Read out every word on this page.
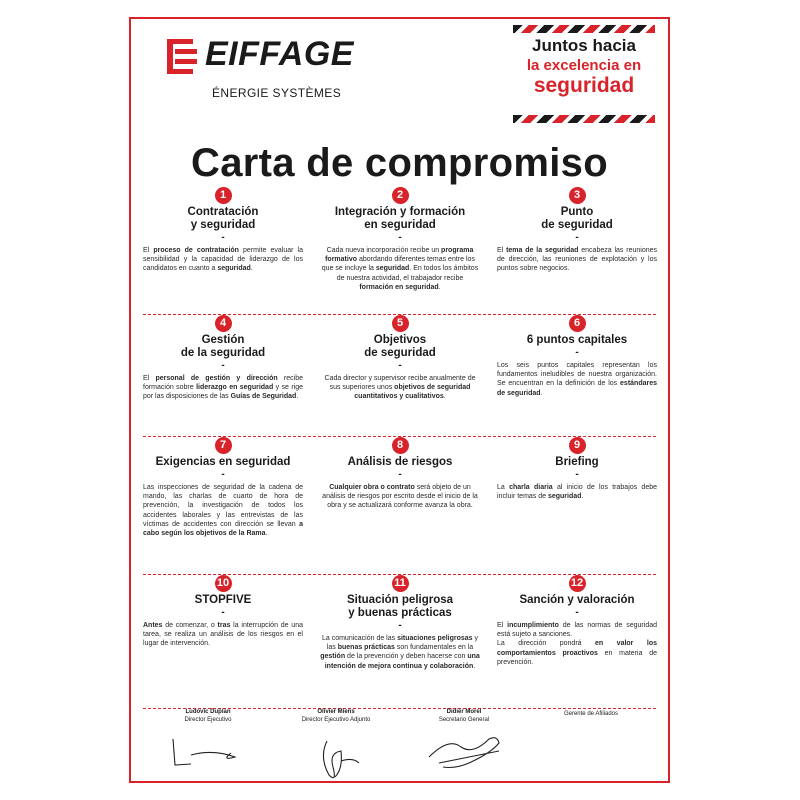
EIFFAGE
ÉNERGIE SYSTÈMES
Juntos hacia
la excelencia en
seguridad
Carta de compromiso
1
Contratación
y seguridad
-
El proceso de contratación permite evaluar la sensibilidad y la capacidad de liderazgo de los candidatos en cuanto a seguridad.
2
Integración y formación
en seguridad
-
Cada nueva incorporación recibe un programa formativo abordando diferentes temas entre los que se incluye la seguridad. En todos los ámbitos de nuestra actividad, el trabajador recibe formación en seguridad.
3
Punto
de seguridad
-
El tema de la seguridad encabeza las reuniones de dirección, las reuniones de explotación y los puntos sobre negocios.
4
Gestión
de la seguridad
-
El personal de gestión y dirección recibe formación sobre liderazgo en seguridad y se rige por las disposiciones de las Guías de Seguridad.
5
Objetivos
de seguridad
-
Cada director y supervisor recibe anualmente de sus superiores unos objetivos de seguridad cuantitativos y cualitativos.
6
6 puntos capitales
-
Los seis puntos capitales representan los fundamentos ineludibles de nuestra organización. Se encuentran en la definición de los estándares de seguridad.
7
Exigencias en seguridad
-
Las inspecciones de seguridad de la cadena de mando, las charlas de cuarto de hora de prevención, la investigación de todos los accidentes laborales y las entrevistas de las víctimas de accidentes con dirección se llevan a cabo según los objetivos de la Rama.
8
Análisis de riesgos
-
Cualquier obra o contrato será objeto de un análisis de riesgos por escrito desde el inicio de la obra y se actualizará conforme avanza la obra.
9
Briefing
-
La charla diaria al inicio de los trabajos debe incluir temas de seguridad.
10
STOPFIVE
-
Antes de comenzar, o tras la interrupción de una tarea, se realiza un análisis de los riesgos en el lugar de intervención.
11
Situación peligrosa
y buenas prácticas
-
La comunicación de las situaciones peligrosas y las buenas prácticas son fundamentales en la gestión de la prevención y deben hacerse con una intención de mejora continua y colaboración.
12
Sanción y valoración
-
El incumplimiento de las normas de seguridad está sujeto a sanciones.
La dirección pondrá en valor los comportamientos proactivos en materia de prevención.
Ludovic Duplan
Director Ejecutivo
Olivier Miens
Director Ejecutivo Adjunto
Didier Morel
Secretario General
Gerente de Afiliados
